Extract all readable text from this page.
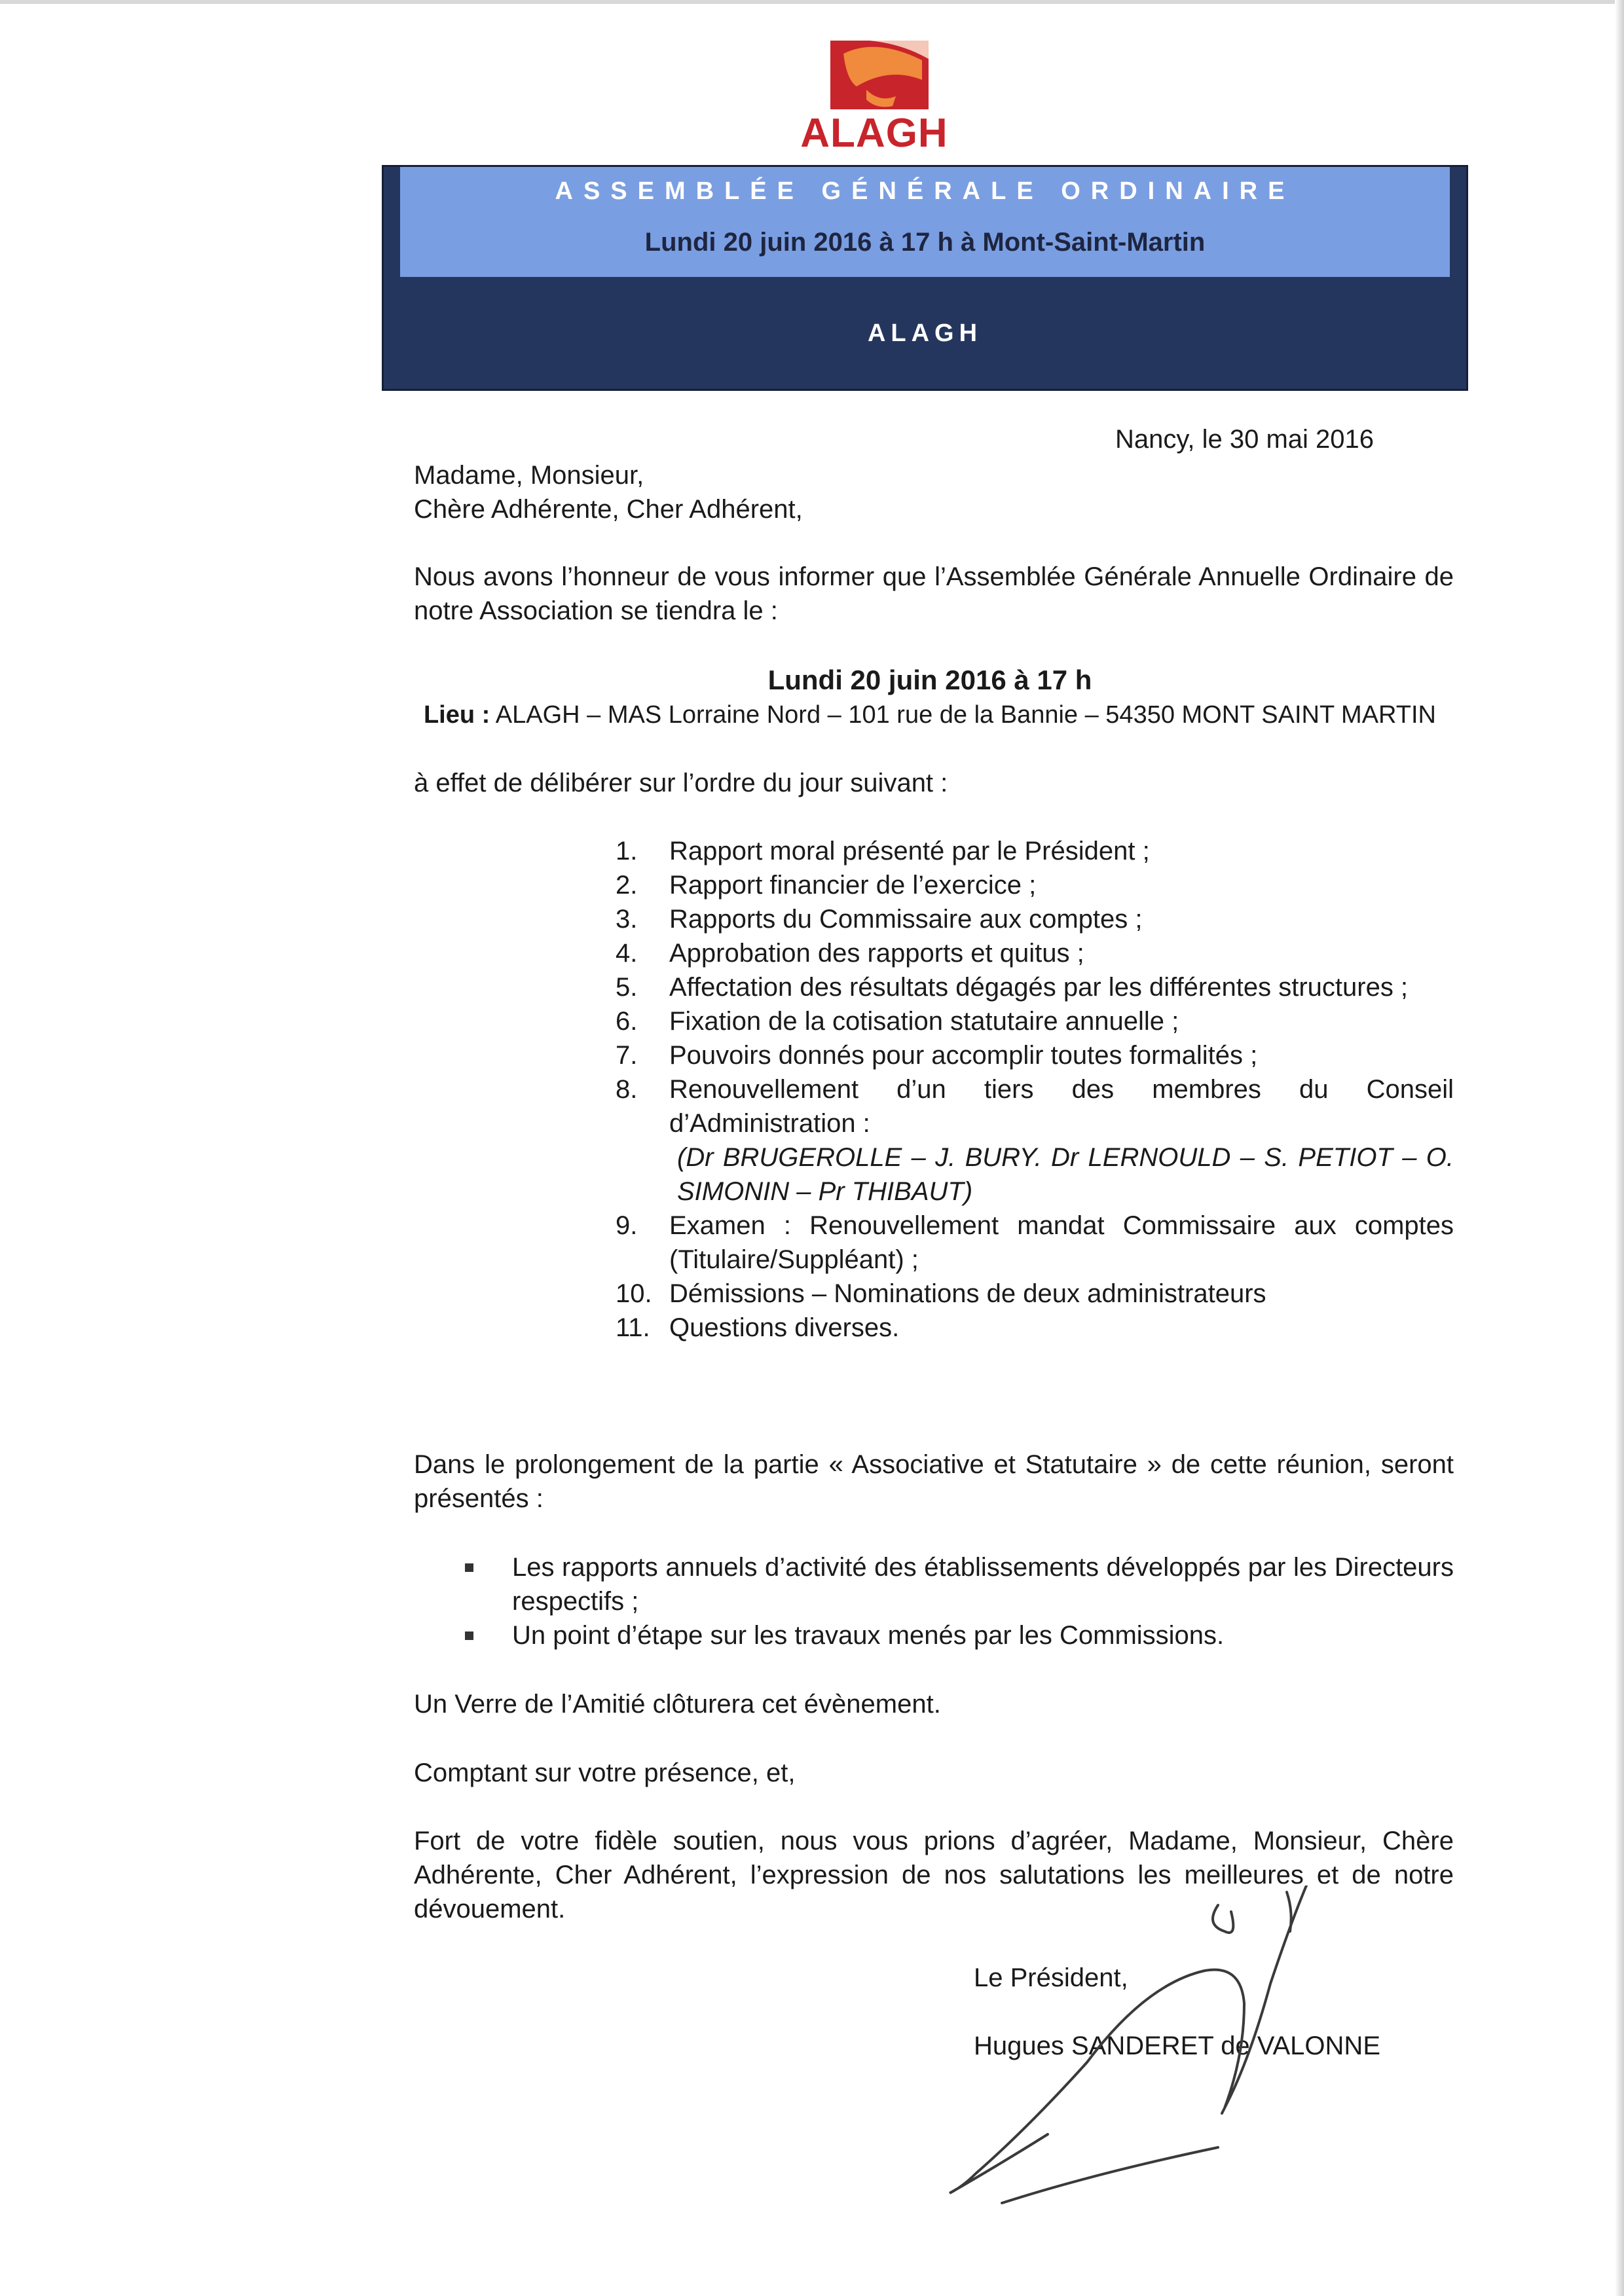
ALAGH
ASSEMBLÉE GÉNÉRALE ORDINAIRE
Lundi 20 juin 2016 à 17 h à Mont-Saint-Martin
ALAGH
Nancy, le 30 mai 2016
Madame, Monsieur,
Chère Adhérente, Cher Adhérent,
Nous avons l’honneur de vous informer que l’Assemblée Générale Annuelle Ordinaire de notre Association se tiendra le :
Lundi 20 juin 2016 à 17 h
Lieu : ALAGH – MAS Lorraine Nord – 101 rue de la Bannie – 54350 MONT SAINT MARTIN
à effet de délibérer sur l’ordre du jour suivant :
1.	Rapport moral présenté par le Président ;
2.	Rapport financier de l’exercice ;
3.	Rapports du Commissaire aux comptes ;
4.	Approbation des rapports et quitus ;
5.	Affectation des résultats dégagés par les différentes structures ;
6.	Fixation de la cotisation statutaire annuelle ;
7.	Pouvoirs donnés pour accomplir toutes formalités ;
8.	Renouvellement d’un tiers des membres du Conseil d’Administration :
(Dr BRUGEROLLE – J. BURY. Dr LERNOULD – S. PETIOT – O. SIMONIN – Pr THIBAUT)
9.	Examen : Renouvellement mandat Commissaire aux comptes (Titulaire/Suppléant) ;
10. Démissions – Nominations de deux administrateurs
11. Questions diverses.
Dans le prolongement de la partie « Associative et Statutaire » de cette réunion, seront présentés :
Les rapports annuels d’activité des établissements développés par les Directeurs respectifs ;
Un point d’étape sur les travaux menés par les Commissions.
Un Verre de l’Amitié clôturera cet évènement.
Comptant sur votre présence, et,
Fort de votre fidèle soutien, nous vous prions d’agréer, Madame, Monsieur, Chère Adhérente, Cher Adhérent, l’expression de nos salutations les meilleures et de notre dévouement.
Le Président,
Hugues SANDERET de VALONNE
